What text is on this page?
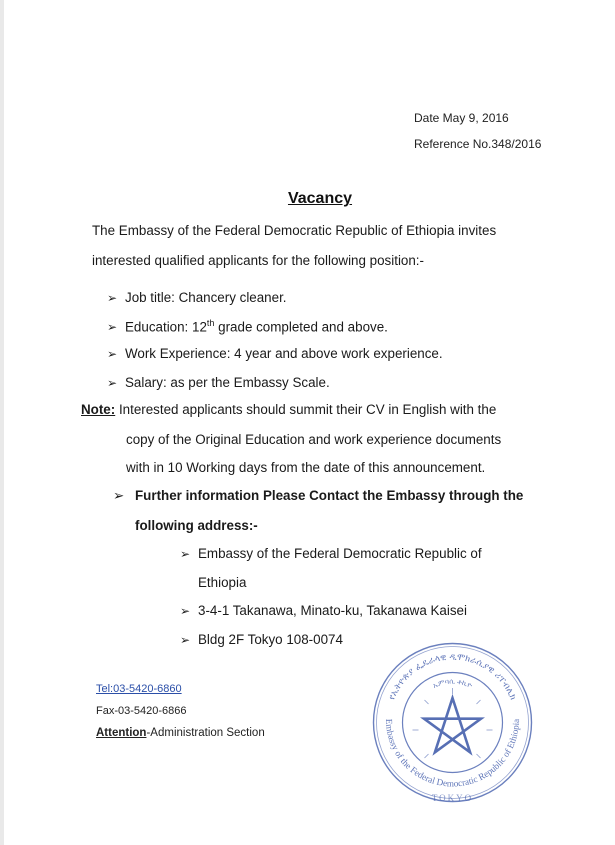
Date May 9, 2016
Reference No.348/2016
Vacancy
The Embassy of the Federal Democratic Republic of Ethiopia invites
interested qualified applicants for the following position:-
➢ Job title: Chancery cleaner.
➢ Education: 12th grade completed and above.
➢ Work Experience: 4 year and above work experience.
➢ Salary: as per the Embassy Scale.
Note: Interested applicants should summit their CV in English with the
copy of the Original Education and work experience documents
with in 10 Working days from the date of this announcement.
➢ Further information Please Contact the Embassy through the
following address:-
➢ Embassy of the Federal Democratic Republic of
Ethiopia
➢ 3-4-1 Takanawa, Minato-ku, Takanawa Kaisei
➢ Bldg 2F Tokyo 108-0074
Tel:03-5420-6860
Fax-03-5420-6866
Attention-Administration Section
የኢትዮጵያ ፌዴራላዊ ዲሞክራሲያዊ ሪፐብሊክ
ኤምባሲ ቶኪዮ
Embassy of the Federal Democratic Republic of Ethiopia
TOKYO
